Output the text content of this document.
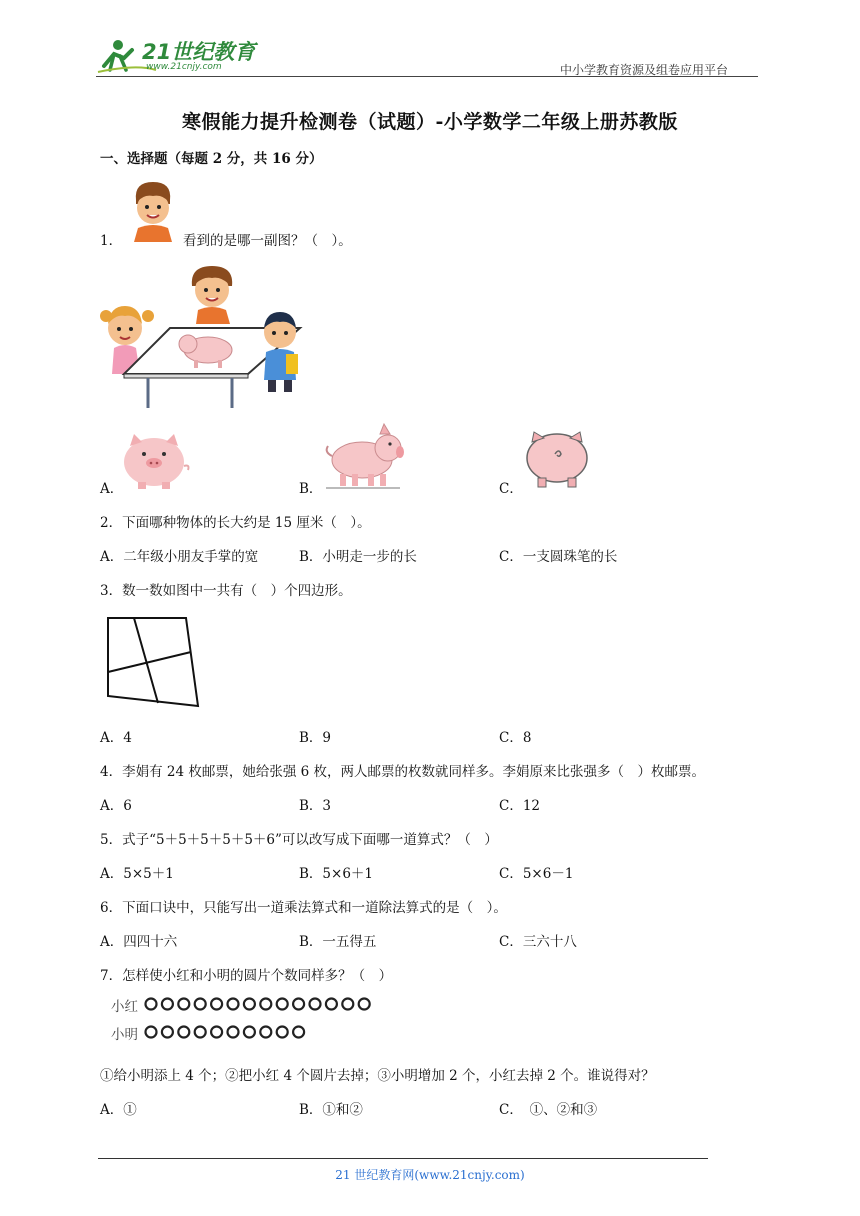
21世纪教育
www.21cnjy.com	中小学教育资源及组卷应用平台
寒假能力提升检测卷（试题）-小学数学二年级上册苏教版
一、选择题（每题 2 分，共 16 分）
1．	看到的是哪一副图？（　）。
A．	B．	C．
2．下面哪种物体的长大约是 15 厘米（　）。
A．二年级小朋友手掌的宽	B．小明走一步的长	C．一支圆珠笔的长
3．数一数如图中一共有（　）个四边形。
A．4	B．9	C．8
4．李娟有 24 枚邮票，她给张强 6 枚，两人邮票的枚数就同样多。李娟原来比张强多（　）枚邮票。
A．6	B．3	C．12
5．式子“5＋5＋5＋5＋5＋6”可以改写成下面哪一道算式？（　）
A．5×5＋1	B．5×6＋1	C．5×6－1
6．下面口诀中，只能写出一道乘法算式和一道除法算式的是（　）。
A．四四十六	B．一五得五	C．三六十八
7．怎样使小红和小明的圆片个数同样多？（　）
小红
小明
①给小明添上 4 个；②把小红 4 个圆片去掉；③小明增加 2 个，小红去掉 2 个。谁说得对？
A．①	B．①和②	C．　①、②和③
21 世纪教育网(www.21cnjy.com)
